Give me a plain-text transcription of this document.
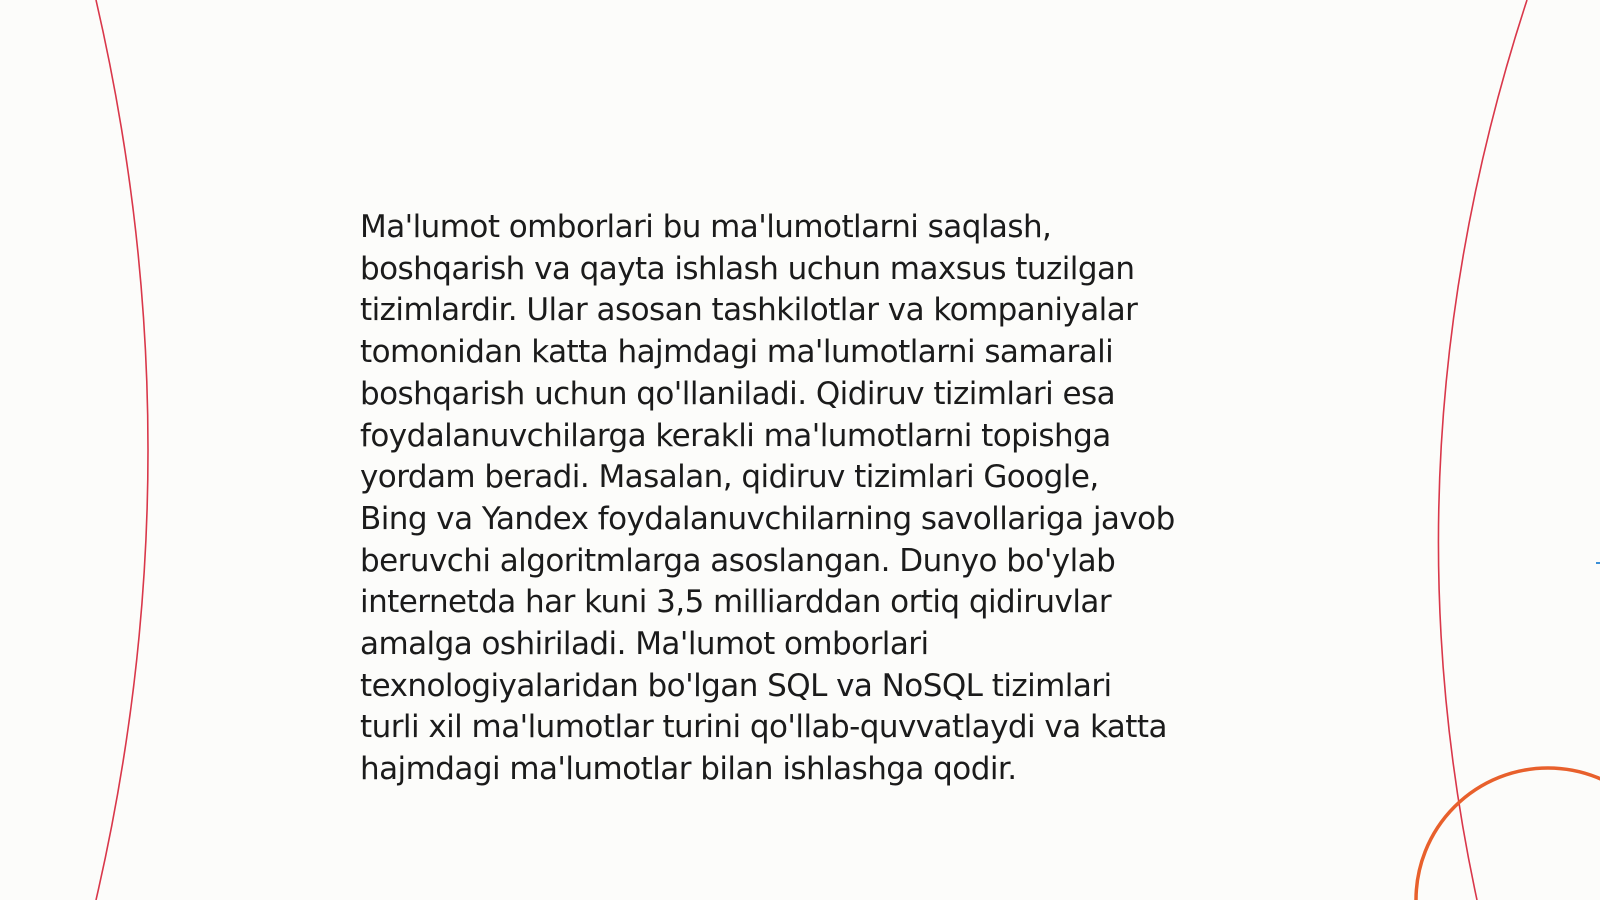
Ma'lumot omborlari bu ma'lumotlarni saqlash,
boshqarish va qayta ishlash uchun maxsus tuzilgan
tizimlardir. Ular asosan tashkilotlar va kompaniyalar
tomonidan katta hajmdagi ma'lumotlarni samarali
boshqarish uchun qo'llaniladi. Qidiruv tizimlari esa
foydalanuvchilarga kerakli ma'lumotlarni topishga
yordam beradi. Masalan, qidiruv tizimlari Google,
Bing va Yandex foydalanuvchilarning savollariga javob
beruvchi algoritmlarga asoslangan. Dunyo bo'ylab
internetda har kuni 3,5 milliarddan ortiq qidiruvlar
amalga oshiriladi. Ma'lumot omborlari
texnologiyalaridan bo'lgan SQL va NoSQL tizimlari
turli xil ma'lumotlar turini qo'llab-quvvatlaydi va katta
hajmdagi ma'lumotlar bilan ishlashga qodir.
